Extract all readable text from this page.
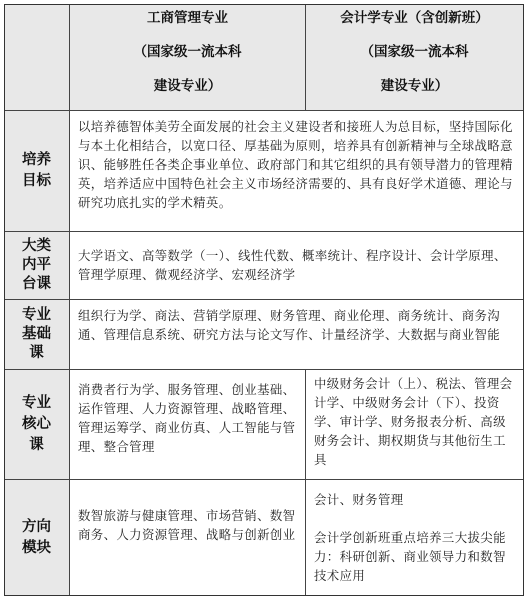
工商管理专业

（国家级一流本科

建设专业）
会计学专业（含创新班）

（国家级一流本科

建设专业）
培养
目标
以培养德智体美劳全面发展的社会主义建设者和接班人为总目标，坚持国际化与本土化相结合，以宽口径、厚基础为原则，培养具有创新精神与全球战略意识、能够胜任各类企事业单位、政府部门和其它组织的具有领导潜力的管理精英，培养适应中国特色社会主义市场经济需要的、具有良好学术道德、理论与研究功底扎实的学术精英。
大类
内平
台课
大学语文、高等数学（一）、线性代数、概率统计、程序设计、会计学原理、管理学原理、微观经济学、宏观经济学
专业
基础
课
组织行为学、商法、营销学原理、财务管理、商业伦理、商务统计、商务沟通、管理信息系统、研究方法与论文写作、计量经济学、大数据与商业智能
专业
核心
课
消费者行为学、服务管理、创业基础、运作管理、人力资源管理、战略管理、管理运筹学、商业仿真、人工智能与管理、整合管理
中级财务会计（上）、税法、管理会计学、中级财务会计（下）、投资学、审计学、财务报表分析、高级财务会计、期权期货与其他衍生工具
方向
模块
数智旅游与健康管理、市场营销、数智商务、人力资源管理、战略与创新创业
会计、财务管理

会计学创新班重点培养三大拔尖能力：科研创新、商业领导力和数智技术应用
